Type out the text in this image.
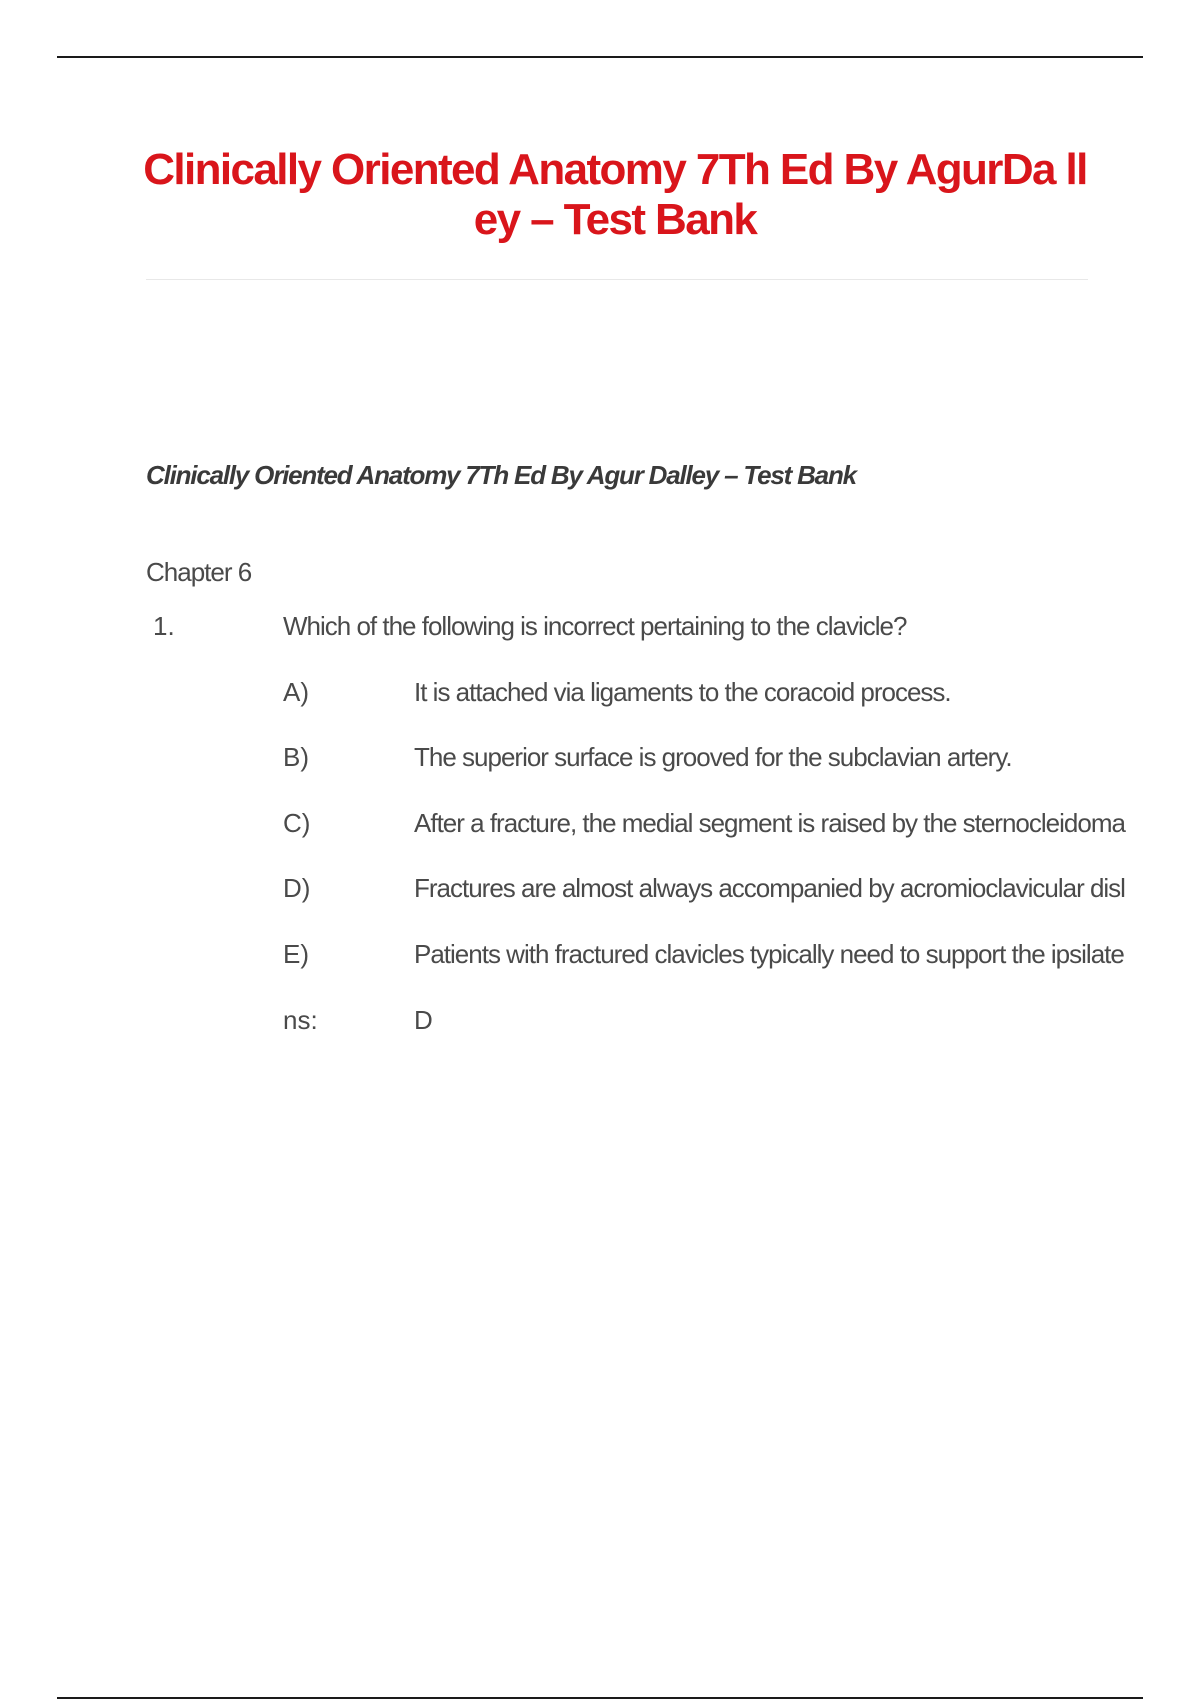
Clinically Oriented Anatomy 7Th Ed By AgurDa lley – Test Bank
Clinically Oriented Anatomy 7Th Ed By Agur Dalley – Test Bank
Chapter 6
1.	Which of the following is incorrect pertaining to the clavicle?
A)	It is attached via ligaments to the coracoid process.
B)	The superior surface is grooved for the subclavian artery.
C)	After a fracture, the medial segment is raised by the sternocleidoma
D)	Fractures are almost always accompanied by acromioclavicular disl
E)	Patients with fractured clavicles typically need to support the ipsilate
ns:	D
